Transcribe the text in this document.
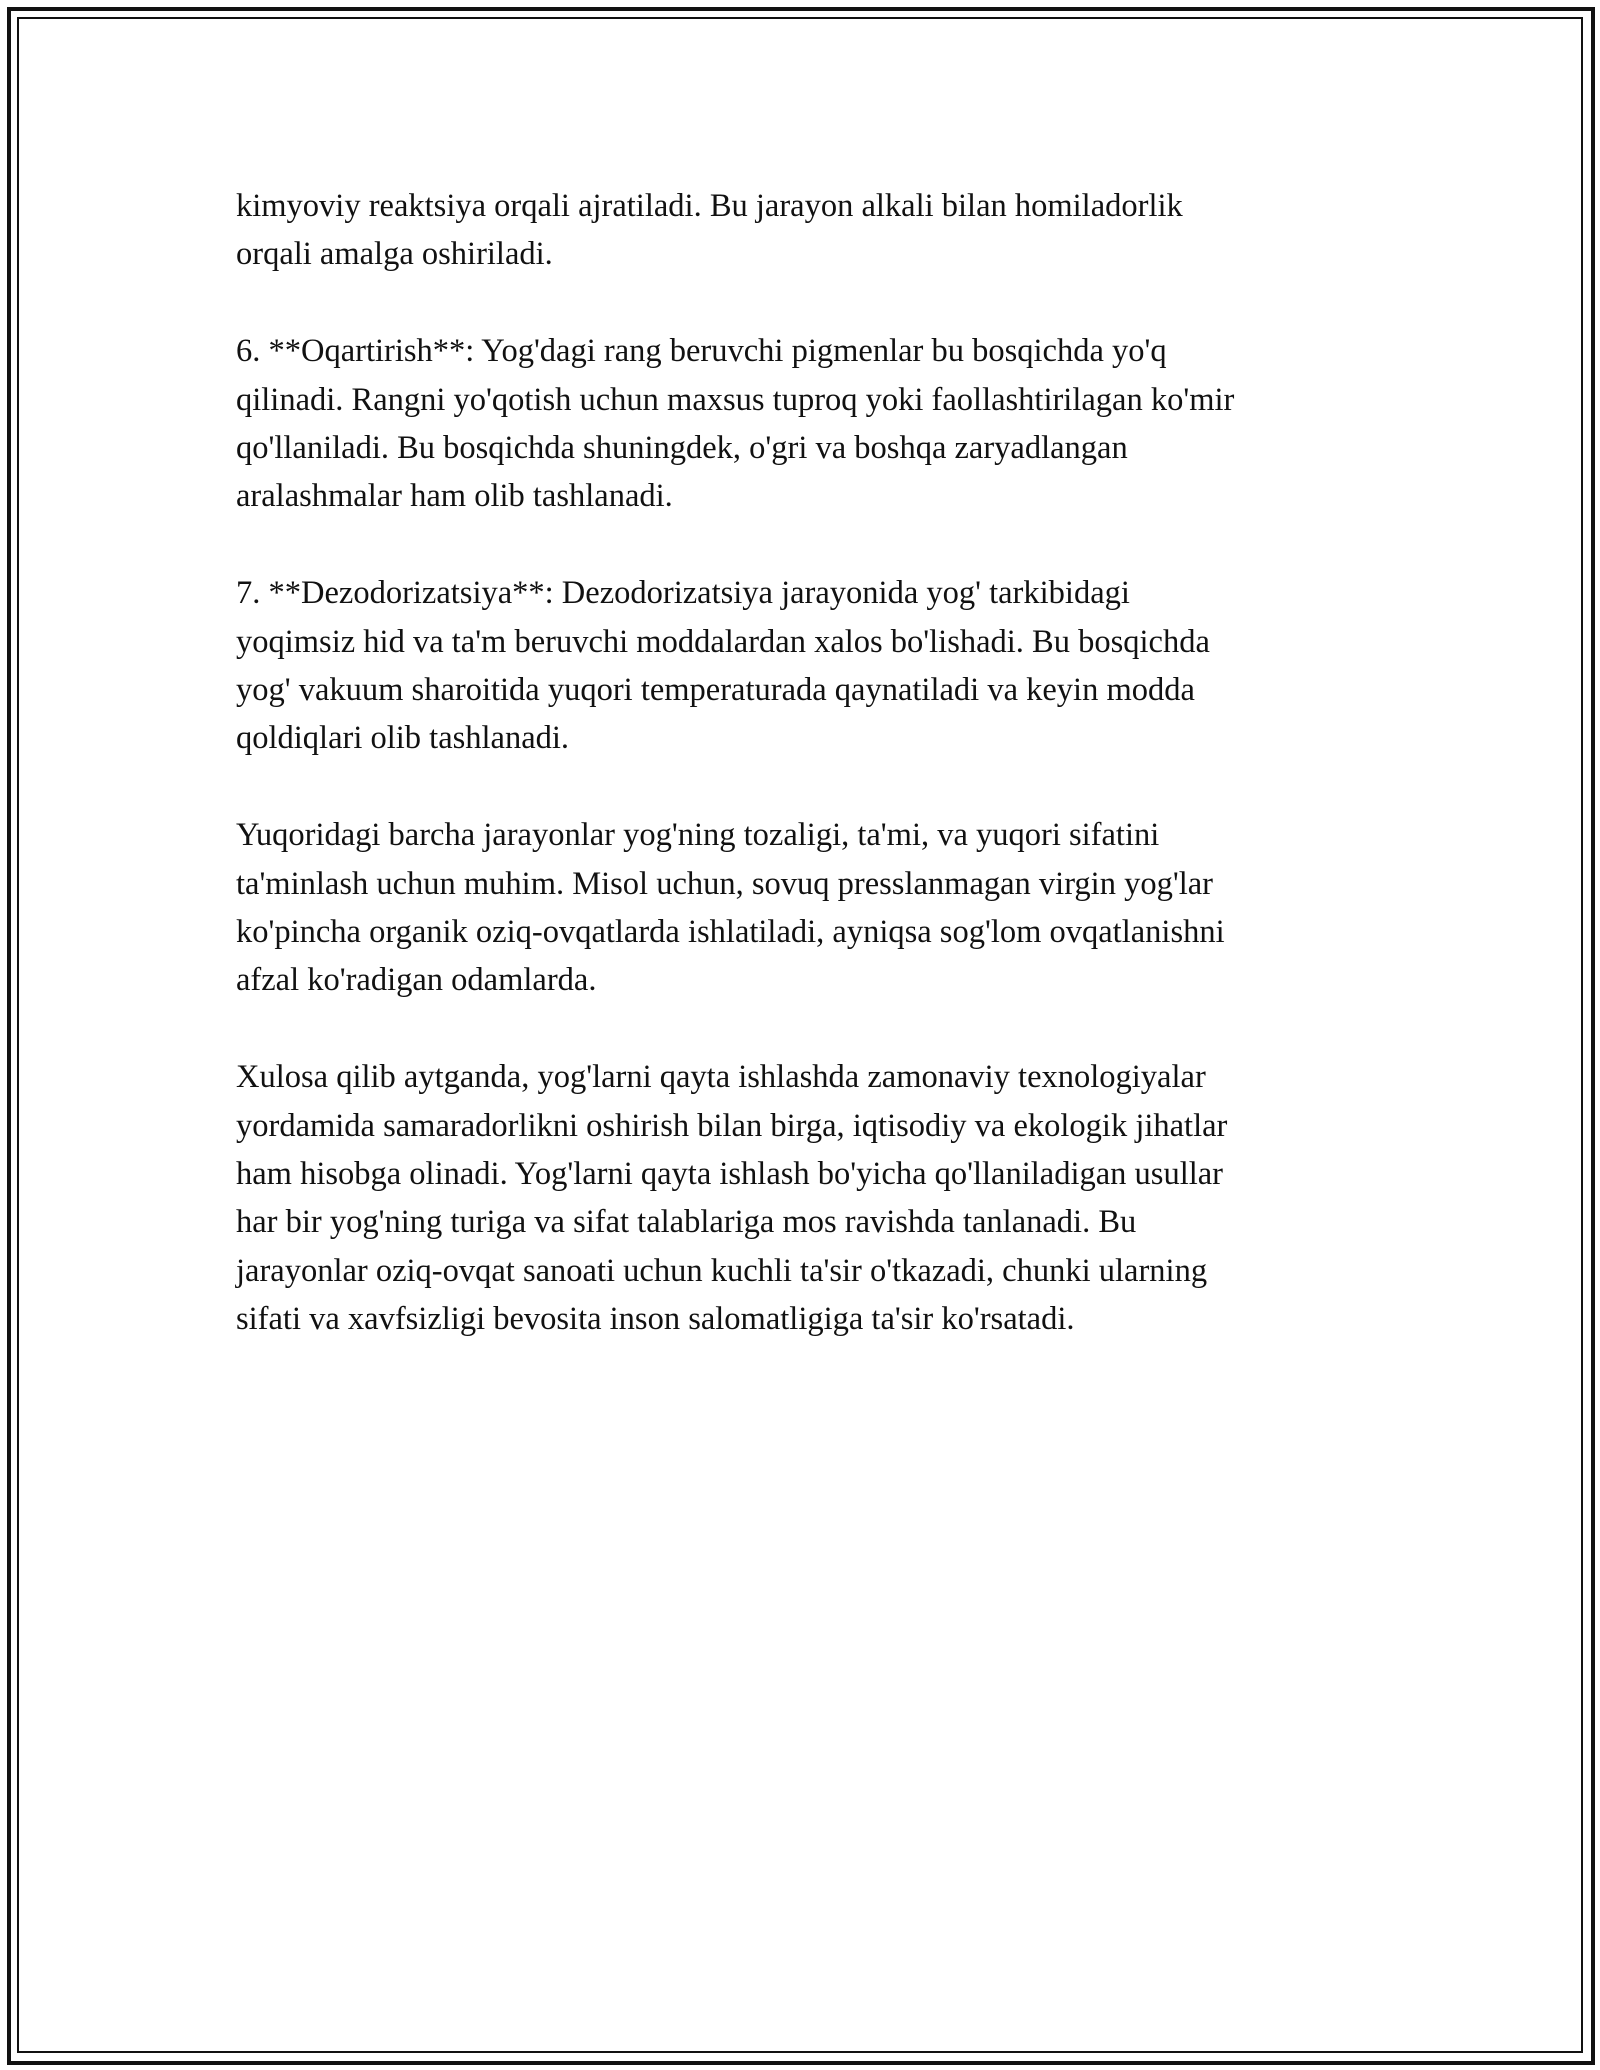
kimyoviy reaktsiya orqali ajratiladi. Bu jarayon alkali bilan homiladorlik
orqali amalga oshiriladi.

6. **Oqartirish**: Yog'dagi rang beruvchi pigmenlar bu bosqichda yo'q
qilinadi. Rangni yo'qotish uchun maxsus tuproq yoki faollashtirilagan ko'mir
qo'llaniladi. Bu bosqichda shuningdek, o'gri va boshqa zaryadlangan
aralashmalar ham olib tashlanadi.

7. **Dezodorizatsiya**: Dezodorizatsiya jarayonida yog' tarkibidagi
yoqimsiz hid va ta'm beruvchi moddalardan xalos bo'lishadi. Bu bosqichda
yog' vakuum sharoitida yuqori temperaturada qaynatiladi va keyin modda
qoldiqlari olib tashlanadi.

Yuqoridagi barcha jarayonlar yog'ning tozaligi, ta'mi, va yuqori sifatini
ta'minlash uchun muhim. Misol uchun, sovuq presslanmagan virgin yog'lar
ko'pincha organik oziq-ovqatlarda ishlatiladi, ayniqsa sog'lom ovqatlanishni
afzal ko'radigan odamlarda.

Xulosa qilib aytganda, yog'larni qayta ishlashda zamonaviy texnologiyalar
yordamida samaradorlikni oshirish bilan birga, iqtisodiy va ekologik jihatlar
ham hisobga olinadi. Yog'larni qayta ishlash bo'yicha qo'llaniladigan usullar
har bir yog'ning turiga va sifat talablariga mos ravishda tanlanadi. Bu
jarayonlar oziq-ovqat sanoati uchun kuchli ta'sir o'tkazadi, chunki ularning
sifati va xavfsizligi bevosita inson salomatligiga ta'sir ko'rsatadi.
